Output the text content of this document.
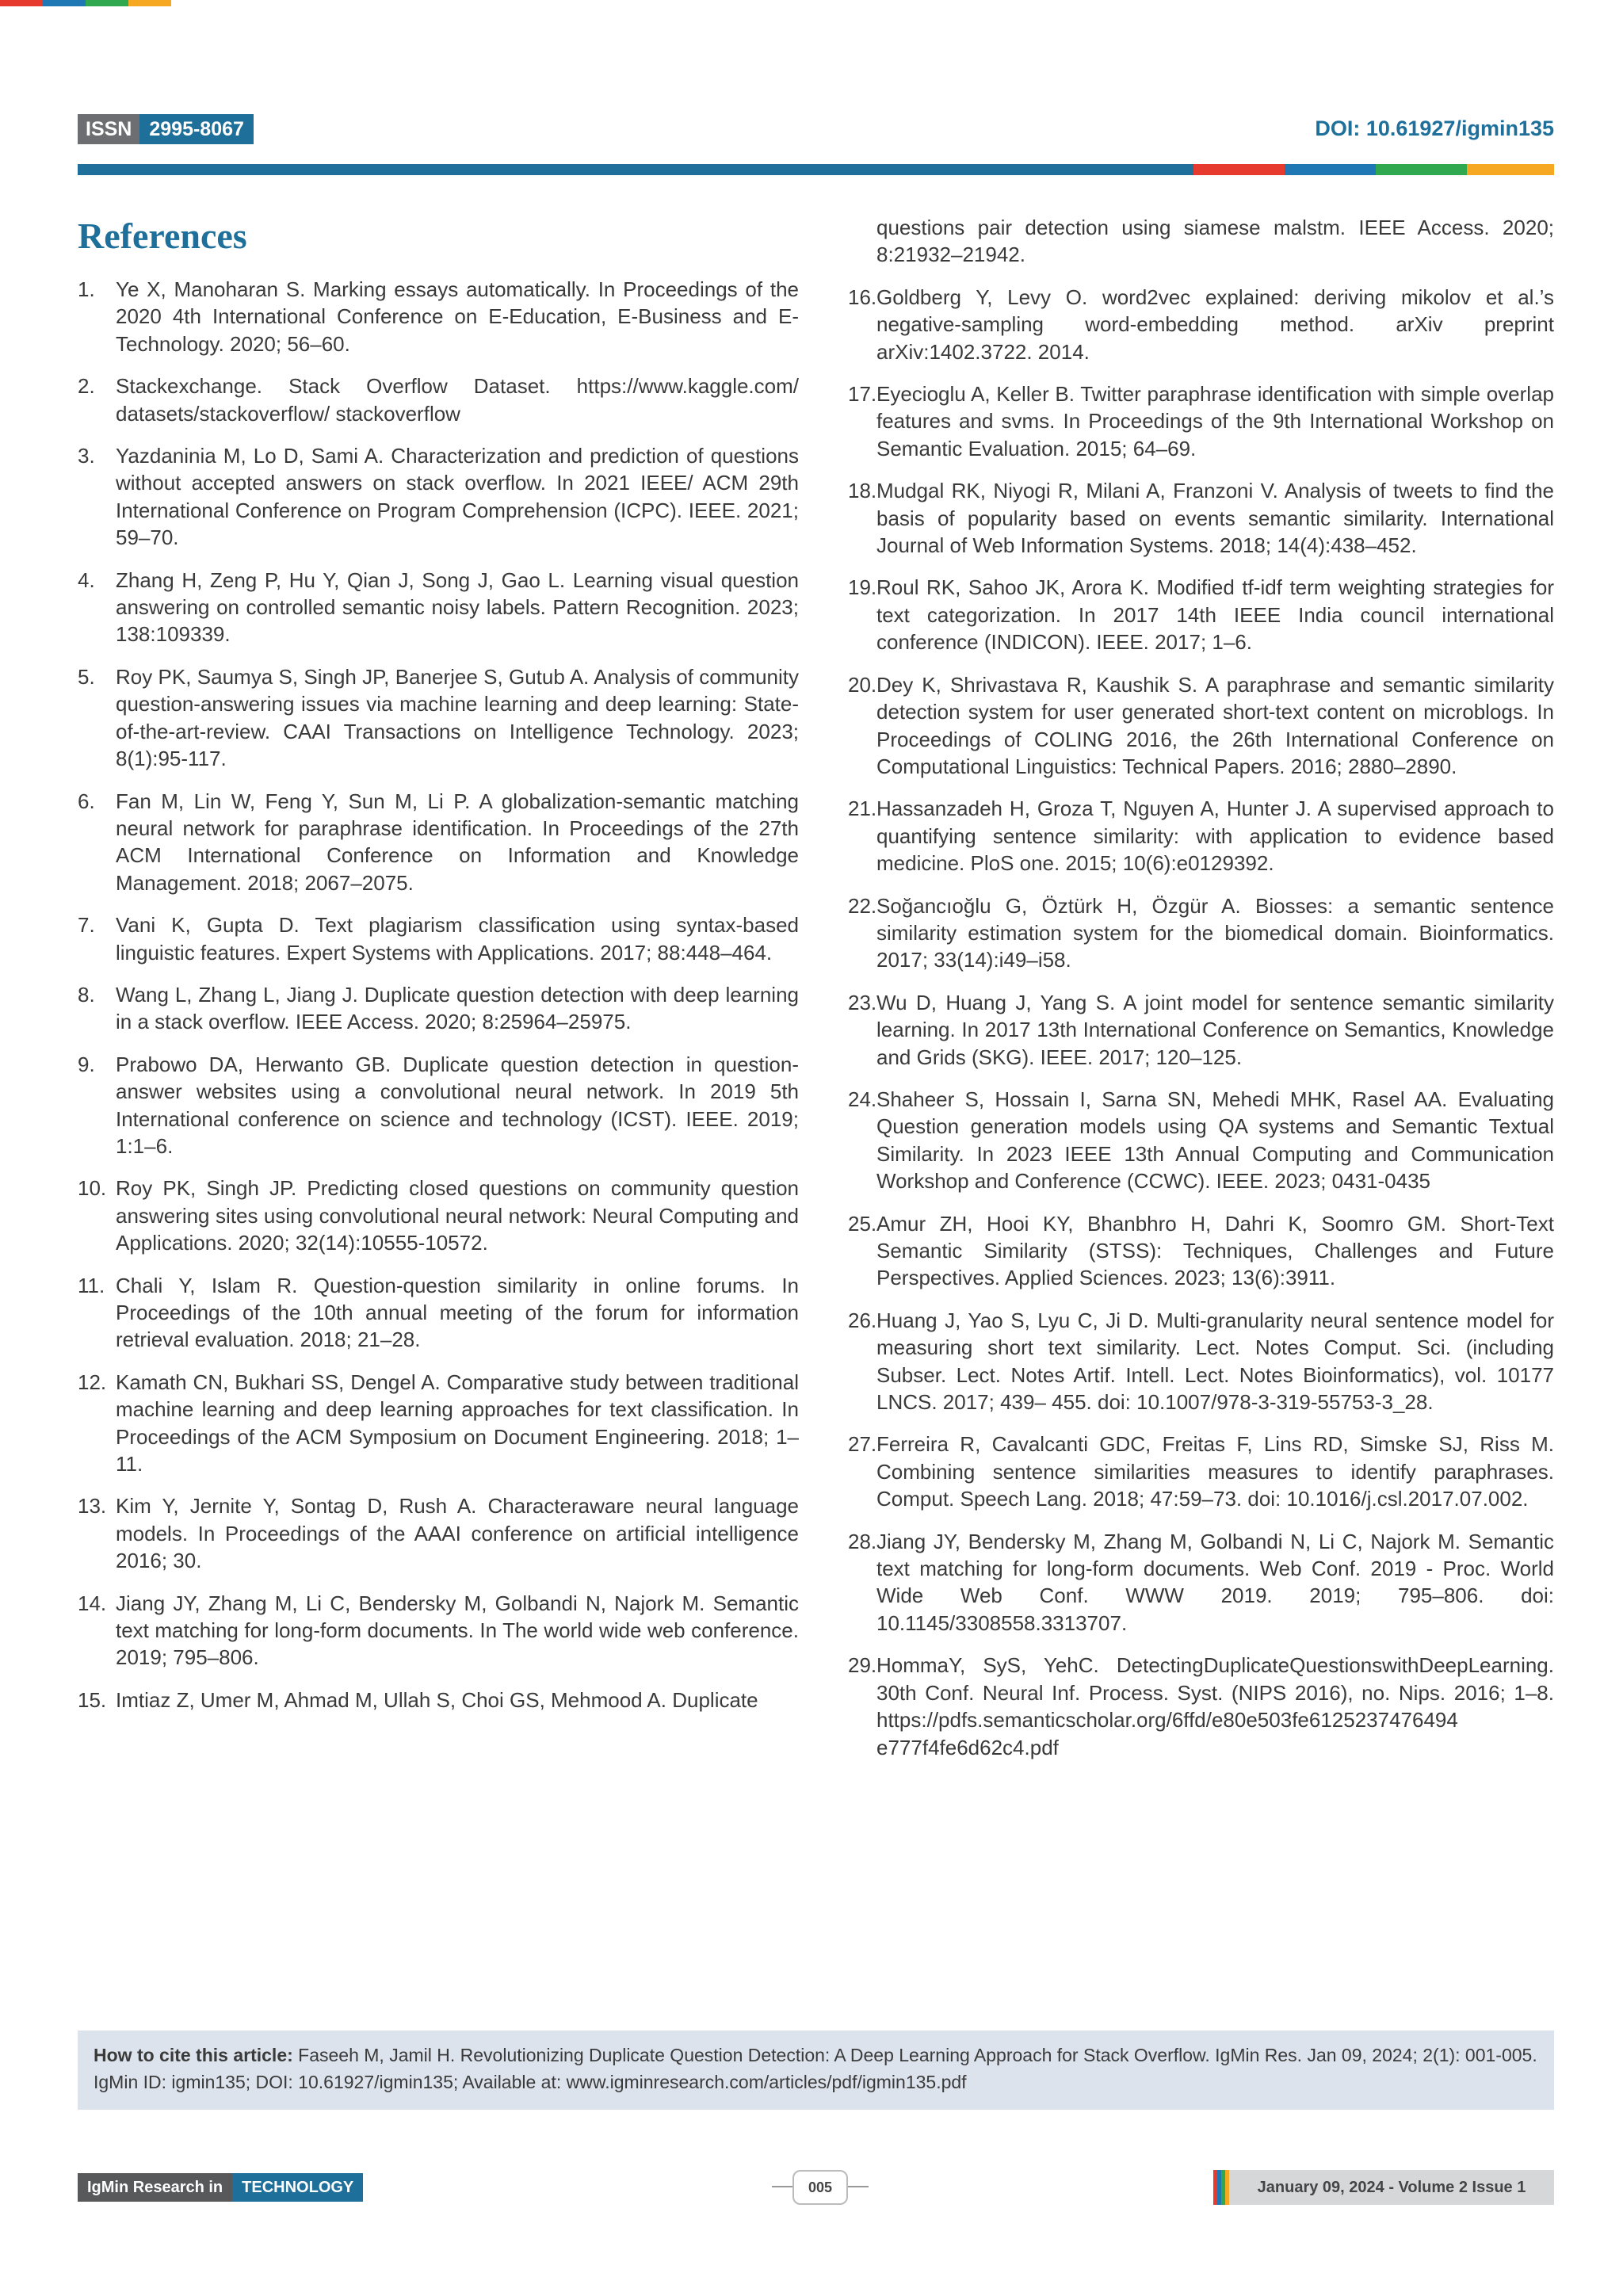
ISSN 2995-8067	DOI: 10.61927/igmin135
References
1.	Ye X, Manoharan S. Marking essays automatically. In Proceedings of the 2020 4th International Conference on E-Education, E-Business and E-Technology. 2020; 56–60.
2.	Stackexchange. Stack Overflow Dataset. https://www.kaggle.com/ datasets/stackoverflow/ stackoverflow
3.	Yazdaninia M, Lo D, Sami A. Characterization and prediction of questions without accepted answers on stack overflow. In 2021 IEEE/ ACM 29th International Conference on Program Comprehension (ICPC). IEEE. 2021; 59–70.
4.	Zhang H, Zeng P, Hu Y, Qian J, Song J, Gao L. Learning visual question answering on controlled semantic noisy labels. Pattern Recognition. 2023; 138:109339.
5.	Roy PK, Saumya S, Singh JP, Banerjee S, Gutub A. Analysis of community question-answering issues via machine learning and deep learning: State-of-the-art-review. CAAI Transactions on Intelligence Technology. 2023; 8(1):95-117.
6.	Fan M, Lin W, Feng Y, Sun M, Li P. A globalization-semantic matching neural network for paraphrase identification. In Proceedings of the 27th ACM International Conference on Information and Knowledge Management. 2018; 2067–2075.
7.	Vani K, Gupta D. Text plagiarism classification using syntax-based linguistic features. Expert Systems with Applications. 2017; 88:448–464.
8.	Wang L, Zhang L, Jiang J. Duplicate question detection with deep learning in a stack overflow. IEEE Access. 2020; 8:25964–25975.
9.	Prabowo DA, Herwanto GB. Duplicate question detection in question-answer websites using a convolutional neural network. In 2019 5th International conference on science and technology (ICST). IEEE. 2019; 1:1–6.
10. Roy PK, Singh JP. Predicting closed questions on community question answering sites using convolutional neural network: Neural Computing and Applications. 2020; 32(14):10555-10572.
11. Chali Y, Islam R. Question-question similarity in online forums. In Proceedings of the 10th annual meeting of the forum for information retrieval evaluation. 2018; 21–28.
12. Kamath CN, Bukhari SS, Dengel A. Comparative study between traditional machine learning and deep learning approaches for text classification. In Proceedings of the ACM Symposium on Document Engineering. 2018; 1–11.
13. Kim Y, Jernite Y, Sontag D, Rush A. Characteraware neural language models. In Proceedings of the AAAI conference on artificial intelligence 2016; 30.
14. Jiang JY, Zhang M, Li C, Bendersky M, Golbandi N, Najork M. Semantic text matching for long-form documents. In The world wide web conference. 2019; 795–806.
15. Imtiaz Z, Umer M, Ahmad M, Ullah S, Choi GS, Mehmood A. Duplicate
questions pair detection using siamese malstm. IEEE Access. 2020; 8:21932–21942.
16. Goldberg Y, Levy O. word2vec explained: deriving mikolov et al.’s negative-sampling word-embedding method. arXiv preprint arXiv:1402.3722. 2014.
17. Eyecioglu A, Keller B. Twitter paraphrase identification with simple overlap features and svms. In Proceedings of the 9th International Workshop on Semantic Evaluation. 2015; 64–69.
18. Mudgal RK, Niyogi R, Milani A, Franzoni V. Analysis of tweets to find the basis of popularity based on events semantic similarity. International Journal of Web Information Systems. 2018; 14(4):438–452.
19. Roul RK, Sahoo JK, Arora K. Modified tf-idf term weighting strategies for text categorization. In 2017 14th IEEE India council international conference (INDICON). IEEE. 2017; 1–6.
20. Dey K, Shrivastava R, Kaushik S. A paraphrase and semantic similarity detection system for user generated short-text content on microblogs. In Proceedings of COLING 2016, the 26th International Conference on Computational Linguistics: Technical Papers. 2016; 2880–2890.
21. Hassanzadeh H, Groza T, Nguyen A, Hunter J. A supervised approach to quantifying sentence similarity: with application to evidence based medicine. PloS one. 2015; 10(6):e0129392.
22. Soğancıoğlu G, Öztürk H, Özgür A. Biosses: a semantic sentence similarity estimation system for the biomedical domain. Bioinformatics. 2017; 33(14):i49–i58.
23. Wu D, Huang J, Yang S. A joint model for sentence semantic similarity learning. In 2017 13th International Conference on Semantics, Knowledge and Grids (SKG). IEEE. 2017; 120–125.
24. Shaheer S, Hossain I, Sarna SN, Mehedi MHK, Rasel AA. Evaluating Question generation models using QA systems and Semantic Textual Similarity. In 2023 IEEE 13th Annual Computing and Communication Workshop and Conference (CCWC). IEEE. 2023; 0431-0435
25. Amur ZH, Hooi KY, Bhanbhro H, Dahri K, Soomro GM. Short-Text Semantic Similarity (STSS): Techniques, Challenges and Future Perspectives. Applied Sciences. 2023; 13(6):3911.
26. Huang J, Yao S, Lyu C, Ji D. Multi-granularity neural sentence model for measuring short text similarity. Lect. Notes Comput. Sci. (including Subser. Lect. Notes Artif. Intell. Lect. Notes Bioinformatics), vol. 10177 LNCS. 2017; 439– 455. doi: 10.1007/978-3-319-55753-3_28.
27. Ferreira R, Cavalcanti GDC, Freitas F, Lins RD, Simske SJ, Riss M. Combining sentence similarities measures to identify paraphrases. Comput. Speech Lang. 2018; 47:59–73. doi: 10.1016/j.csl.2017.07.002.
28. Jiang JY, Bendersky M, Zhang M, Golbandi N, Li C, Najork M. Semantic text matching for long-form documents. Web Conf. 2019 - Proc. World Wide Web Conf. WWW 2019. 2019; 795–806. doi: 10.1145/3308558.3313707.
29. HommaY, SyS, YehC. DetectingDuplicateQuestionswithDeepLearning. 30th Conf. Neural Inf. Process. Syst. (NIPS 2016), no. Nips. 2016; 1–8. https://pdfs.semanticscholar.org/6ffd/e80e503fe6125237476494 e777f4fe6d62c4.pdf
How to cite this article: Faseeh M, Jamil H. Revolutionizing Duplicate Question Detection: A Deep Learning Approach for Stack Overflow. IgMin Res. Jan 09, 2024; 2(1): 001-005. IgMin ID: igmin135; DOI: 10.61927/igmin135; Available at: www.igminresearch.com/articles/pdf/igmin135.pdf
IgMin Research in	TECHNOLOGY	005	January 09, 2024 - Volume 2 Issue 1
